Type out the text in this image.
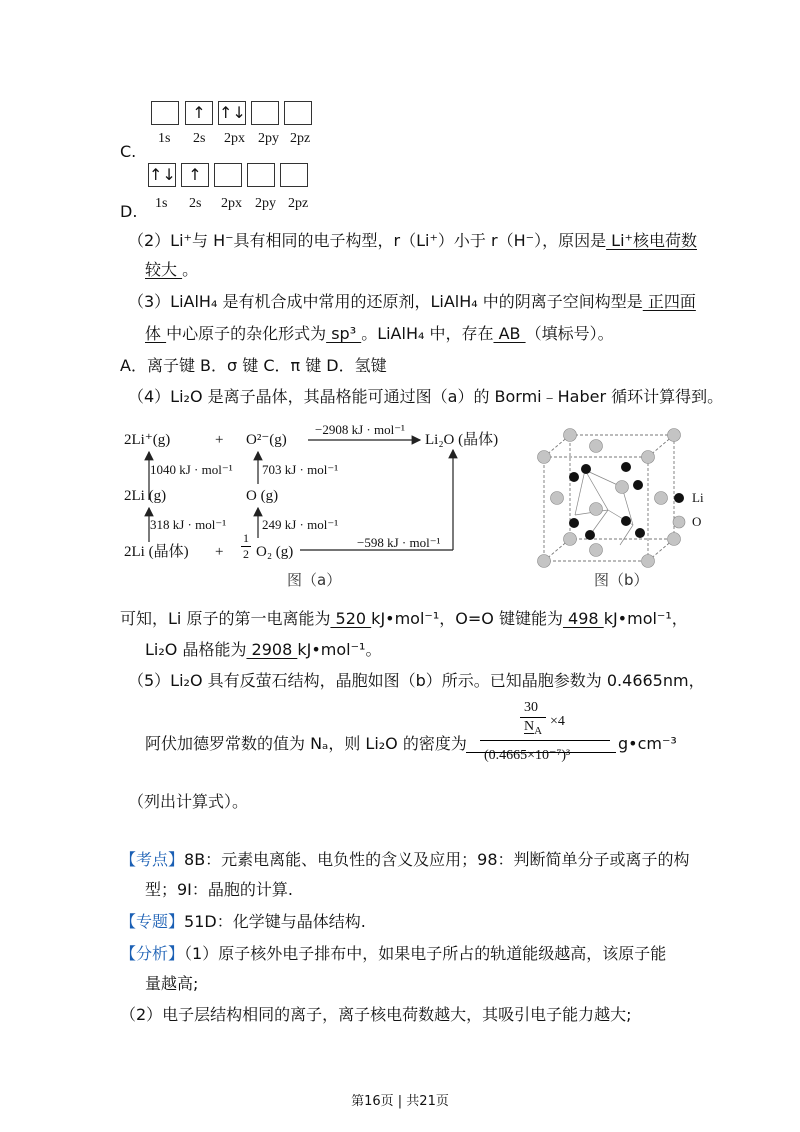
↑ ↑↓
1s 2s 2px 2py 2pz
C.
↑↓ ↑
1s 2s 2px 2py 2pz
D.
（2）Li⁺与 H⁻具有相同的电子构型，r（Li⁺）小于 r（H⁻），原因是 Li⁺核电荷数
较大 。
（3）LiAlH₄ 是有机合成中常用的还原剂，LiAlH₄ 中的阴离子空间构型是 正四面
体 中心原子的杂化形式为 sp³ 。LiAlH₄ 中，存在 AB （填标号）。
A．离子键 B．σ 键 C．π 键 D．氢键
（4）Li₂O 是离子晶体，其晶格能可通过图（a）的 Bormi﹣Haber 循环计算得到。
2Li⁺(g)	+ O²⁻(g)
−2908 kJ · mol⁻¹
Li₂O (晶体)
1040 kJ · mol⁻¹ 703 kJ · mol⁻¹
2Li (g)	O (g)
318 kJ · mol⁻¹	249 kJ · mol⁻¹
2Li (晶体) +
1
2 O₂ (g)
−598 kJ · mol⁻¹
图（a）
Li
O
图（b）
可知，Li 原子的第一电离能为 520 kJ•mol⁻¹，O=O 键键能为 498 kJ•mol⁻¹，
Li₂O 晶格能为 2908 kJ•mol⁻¹。
（5）Li₂O 具有反萤石结构，晶胞如图（b）所示。已知晶胞参数为 0.4665nm，
阿伏加德罗常数的值为 Nₐ，则 Li₂O 的密度为
30
$N_A$
×4
(0.4665×10⁻⁷)³
g•cm⁻³
（列出计算式）。
【考点】8B：元素电离能、电负性的含义及应用；98：判断简单分子或离子的构
型；9I：晶胞的计算.
【专题】51D：化学键与晶体结构.
【分析】（1）原子核外电子排布中，如果电子所占的轨道能级越高，该原子能
量越高;
（2）电子层结构相同的离子，离子核电荷数越大，其吸引电子能力越大;
第16页 | 共21页
